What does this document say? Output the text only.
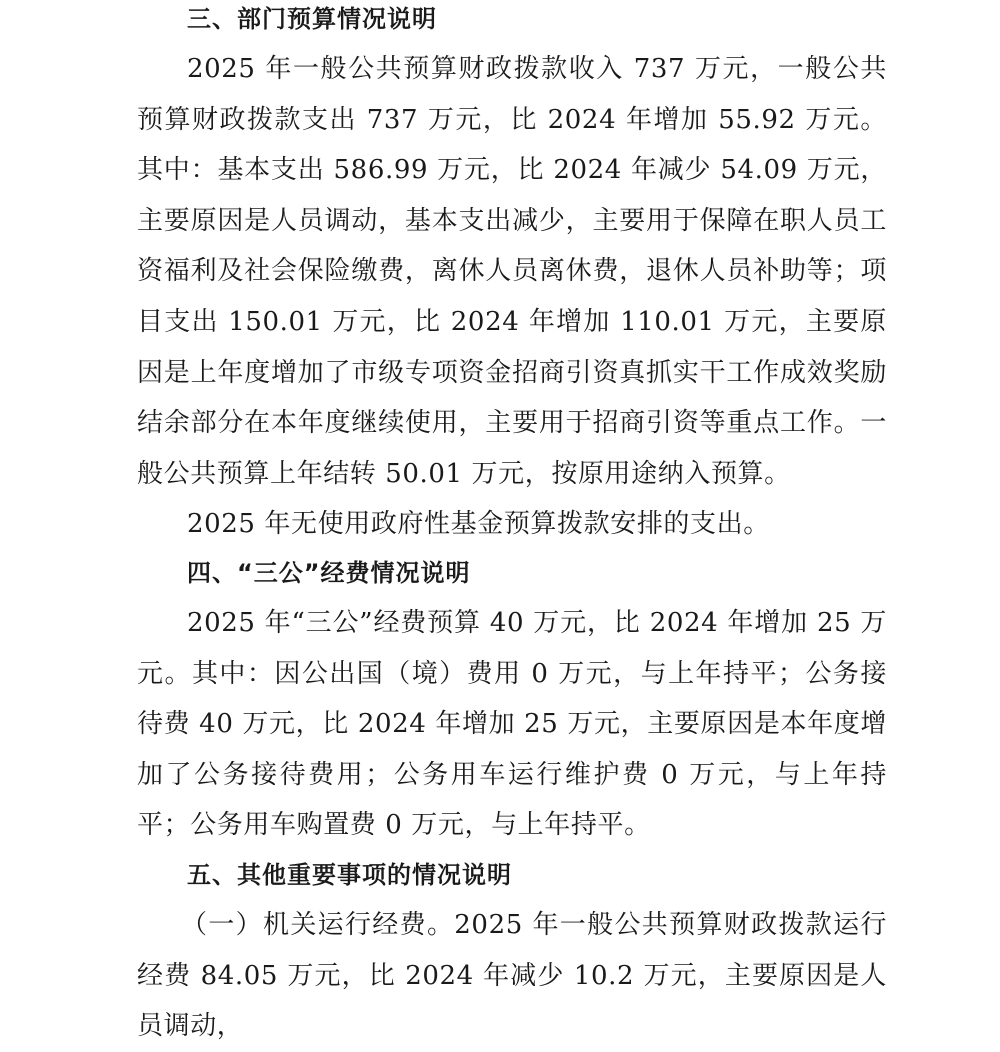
三、部门预算情况说明
2025 年一般公共预算财政拨款收入 737 万元，一般公共预算财政拨款支出 737 万元，比 2024 年增加 55.92 万元。其中：基本支出 586.99 万元，比 2024 年减少 54.09 万元，主要原因是人员调动，基本支出减少，主要用于保障在职人员工资福利及社会保险缴费，离休人员离休费，退休人员补助等；项目支出 150.01 万元，比 2024 年增加 110.01 万元，主要原因是上年度增加了市级专项资金招商引资真抓实干工作成效奖励结余部分在本年度继续使用，主要用于招商引资等重点工作。一般公共预算上年结转 50.01 万元，按原用途纳入预算。
2025 年无使用政府性基金预算拨款安排的支出。
四、“三公”经费情况说明
2025 年“三公”经费预算 40 万元，比 2024 年增加 25 万元。其中：因公出国（境）费用 0 万元，与上年持平；公务接待费 40 万元，比 2024 年增加 25 万元，主要原因是本年度增加了公务接待费用；公务用车运行维护费 0 万元，与上年持平；公务用车购置费 0 万元，与上年持平。
五、其他重要事项的情况说明
（一）机关运行经费。2025 年一般公共预算财政拨款运行经费 84.05 万元，比 2024 年减少 10.2 万元，主要原因是人员调动，
